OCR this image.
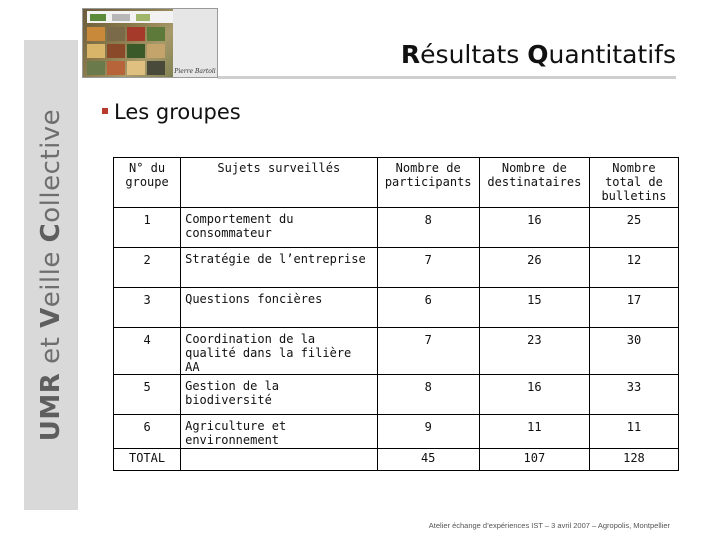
UMR et Veille Collective
Pierre Bartoli
Résultats Quantitatifs
Les groupes
N° du groupe	Sujets surveillés	Nombre de participants	Nombre de destinataires	Nombre total de bulletins
1	Comportement du consommateur	8	16	25
2	Stratégie de l’entreprise	7	26	12
3	Questions foncières	6	15	17
4	Coordination de la qualité dans la filière AA	7	23	30
5	Gestion de la biodiversité	8	16	33
6	Agriculture et environnement	9	11	11
TOTAL		45	107	128
Atelier échange d’expériences IST – 3 avril 2007 – Agropolis, Montpellier
